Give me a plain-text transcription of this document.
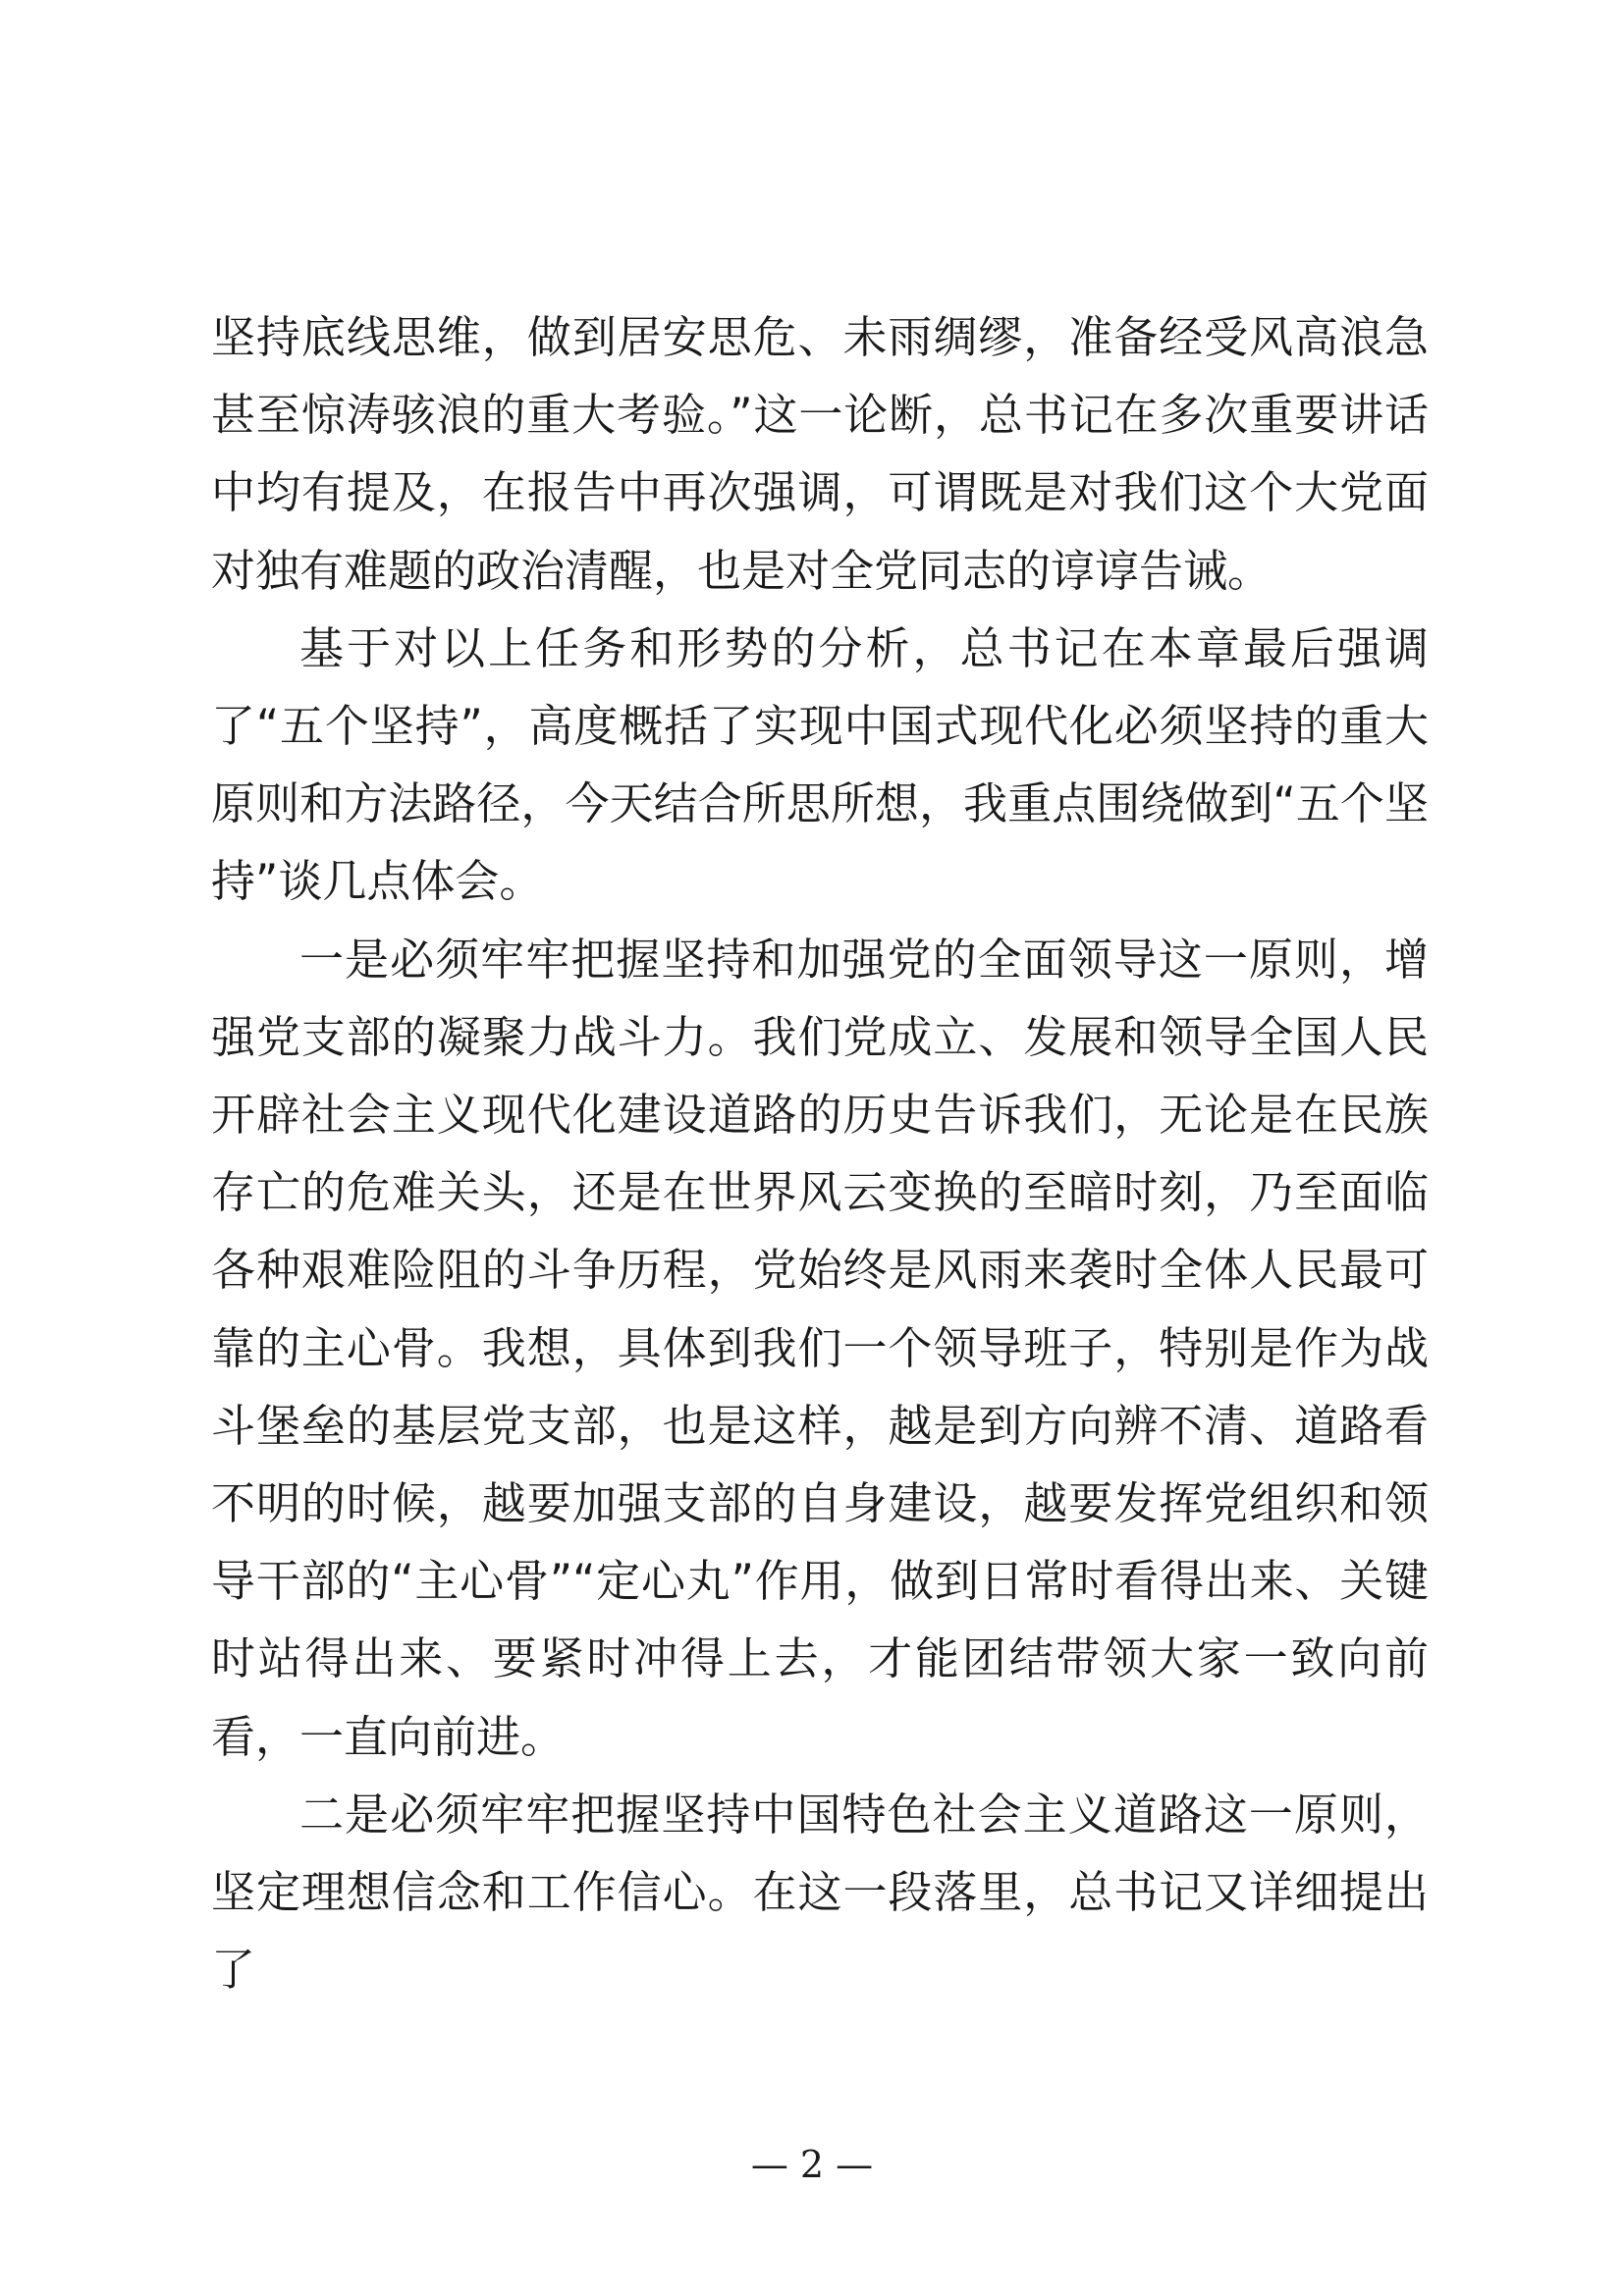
坚持底线思维，做到居安思危、未雨绸缪，准备经受风高浪急甚至惊涛骇浪的重大考验。”这一论断，总书记在多次重要讲话中均有提及，在报告中再次强调，可谓既是对我们这个大党面对独有难题的政治清醒，也是对全党同志的谆谆告诫。

基于对以上任务和形势的分析，总书记在本章最后强调了“五个坚持”，高度概括了实现中国式现代化必须坚持的重大原则和方法路径，今天结合所思所想，我重点围绕做到“五个坚持”谈几点体会。

一是必须牢牢把握坚持和加强党的全面领导这一原则，增强党支部的凝聚力战斗力。我们党成立、发展和领导全国人民开辟社会主义现代化建设道路的历史告诉我们，无论是在民族存亡的危难关头，还是在世界风云变换的至暗时刻，乃至面临各种艰难险阻的斗争历程，党始终是风雨来袭时全体人民最可靠的主心骨。我想，具体到我们一个领导班子，特别是作为战斗堡垒的基层党支部，也是这样，越是到方向辨不清、道路看不明的时候，越要加强支部的自身建设，越要发挥党组织和领导干部的“主心骨”“定心丸”作用，做到日常时看得出来、关键时站得出来、要紧时冲得上去，才能团结带领大家一致向前看，一直向前进。

二是必须牢牢把握坚持中国特色社会主义道路这一原则，坚定理想信念和工作信心。在这一段落里，总书记又详细提出了

— 2 —
